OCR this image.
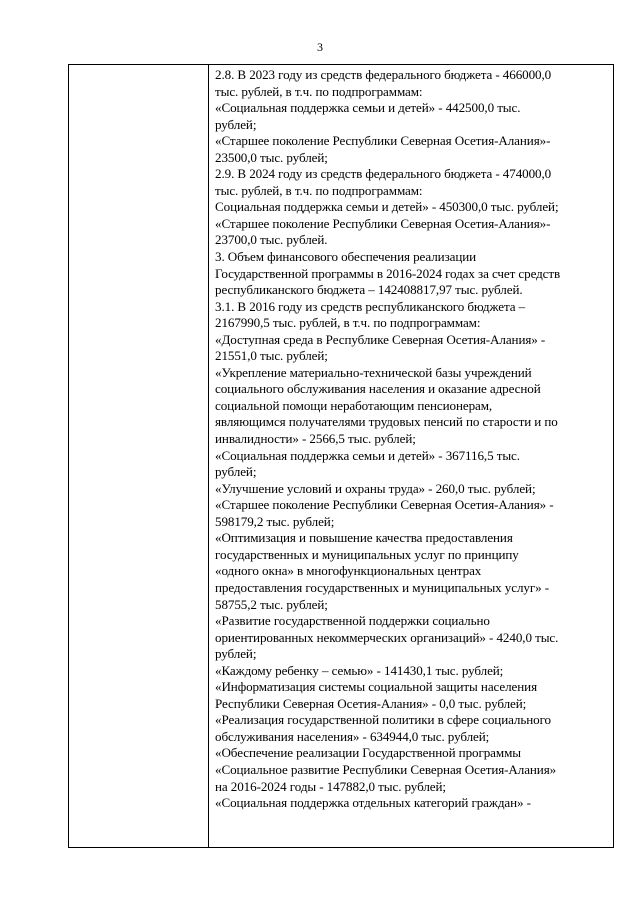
3

2.8. В 2023 году из средств федерального бюджета - 466000,0
тыс. рублей, в т.ч. по подпрограммам:
«Социальная поддержка семьи и детей» - 442500,0 тыс.
рублей;
«Старшее поколение Республики Северная Осетия-Алания»-
23500,0 тыс. рублей;
2.9. В 2024 году из средств федерального бюджета - 474000,0
тыс. рублей, в т.ч. по подпрограммам:
Социальная поддержка семьи и детей» - 450300,0 тыс. рублей;
«Старшее поколение Республики Северная Осетия-Алания»-
23700,0 тыс. рублей.
3. Объем финансового обеспечения реализации
Государственной программы в 2016-2024 годах за счет средств
республиканского бюджета – 142408817,97 тыс. рублей.
3.1. В 2016 году из средств республиканского бюджета –
2167990,5 тыс. рублей, в т.ч. по подпрограммам:
«Доступная среда в Республике Северная Осетия-Алания» -
21551,0 тыс. рублей;
«Укрепление материально-технической базы учреждений
социального обслуживания населения и оказание адресной
социальной помощи неработающим пенсионерам,
являющимся получателями трудовых пенсий по старости и по
инвалидности» - 2566,5 тыс. рублей;
«Социальная поддержка семьи и детей» - 367116,5 тыс.
рублей;
«Улучшение условий и охраны труда» - 260,0 тыс. рублей;
«Старшее поколение Республики Северная Осетия-Алания» -
598179,2 тыс. рублей;
«Оптимизация и повышение качества предоставления
государственных и муниципальных услуг по принципу
«одного окна» в многофункциональных центрах
предоставления государственных и муниципальных услуг» -
58755,2 тыс. рублей;
«Развитие государственной поддержки социально
ориентированных некоммерческих организаций» - 4240,0 тыс.
рублей;
«Каждому ребенку – семью» - 141430,1 тыс. рублей;
«Информатизация системы социальной защиты населения
Республики Северная Осетия-Алания» - 0,0 тыс. рублей;
«Реализация государственной политики в сфере социального
обслуживания населения» - 634944,0 тыс. рублей;
«Обеспечение реализации Государственной программы
«Социальное развитие Республики Северная Осетия-Алания»
на 2016-2024 годы - 147882,0 тыс. рублей;
«Социальная поддержка отдельных категорий граждан» -
